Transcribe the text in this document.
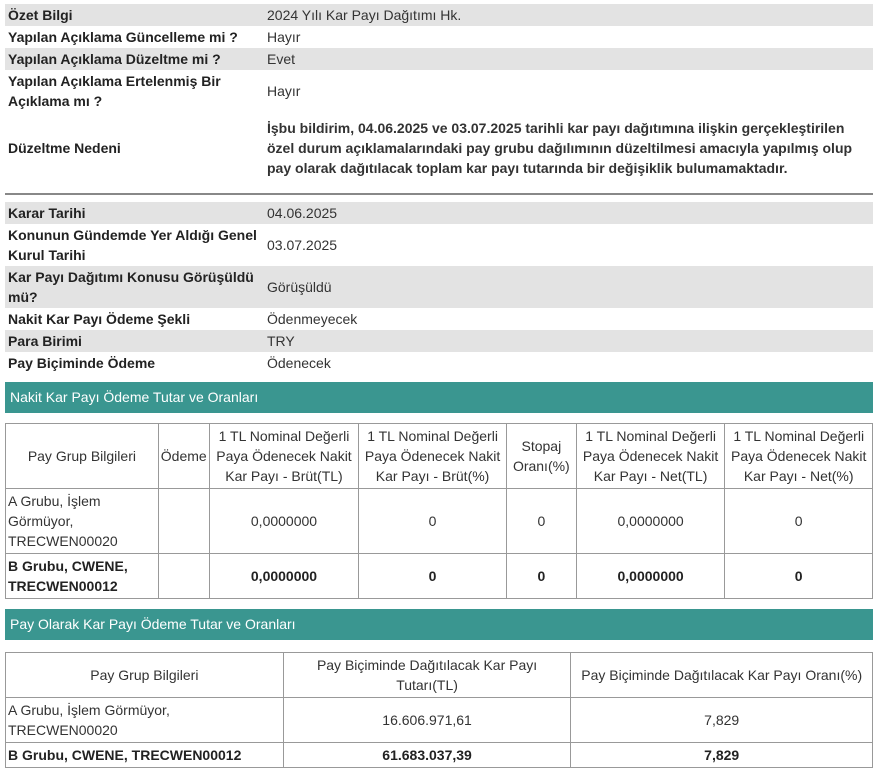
Özet Bilgi	2024 Yılı Kar Payı Dağıtımı Hk.
Yapılan Açıklama Güncelleme mi ?	Hayır
Yapılan Açıklama Düzeltme mi ?	Evet
Yapılan Açıklama Ertelenmiş Bir Açıklama mı ?	Hayır
Düzeltme Nedeni	İşbu bildirim, 04.06.2025 ve 03.07.2025 tarihli kar payı dağıtımına ilişkin gerçekleştirilen özel durum açıklamalarındaki pay grubu dağılımının düzeltilmesi amacıyla yapılmış olup pay olarak dağıtılacak toplam kar payı tutarında bir değişiklik bulumamaktadır.

Karar Tarihi	04.06.2025
Konunun Gündemde Yer Aldığı Genel Kurul Tarihi	03.07.2025
Kar Payı Dağıtımı Konusu Görüşüldü mü?	Görüşüldü
Nakit Kar Payı Ödeme Şekli	Ödenmeyecek
Para Birimi	TRY
Pay Biçiminde Ödeme	Ödenecek
Nakit Kar Payı Ödeme Tutar ve Oranları
Pay Grup Bilgileri	Ödeme	1 TL Nominal Değerli Paya Ödenecek Nakit Kar Payı - Brüt(TL)	1 TL Nominal Değerli Paya Ödenecek Nakit Kar Payı - Brüt(%)	Stopaj Oranı(%)	1 TL Nominal Değerli Paya Ödenecek Nakit Kar Payı - Net(TL)	1 TL Nominal Değerli Paya Ödenecek Nakit Kar Payı - Net(%)
A Grubu, İşlem Görmüyor, TRECWEN00020		0,0000000	0	0	0,0000000	0
B Grubu, CWENE, TRECWEN00012		0,0000000	0	0	0,0000000	0
Pay Olarak Kar Payı Ödeme Tutar ve Oranları
Pay Grup Bilgileri	Pay Biçiminde Dağıtılacak Kar Payı Tutarı(TL)	Pay Biçiminde Dağıtılacak Kar Payı Oranı(%)
A Grubu, İşlem Görmüyor, TRECWEN00020	16.606.971,61	7,829
B Grubu, CWENE, TRECWEN00012	61.683.037,39	7,829
